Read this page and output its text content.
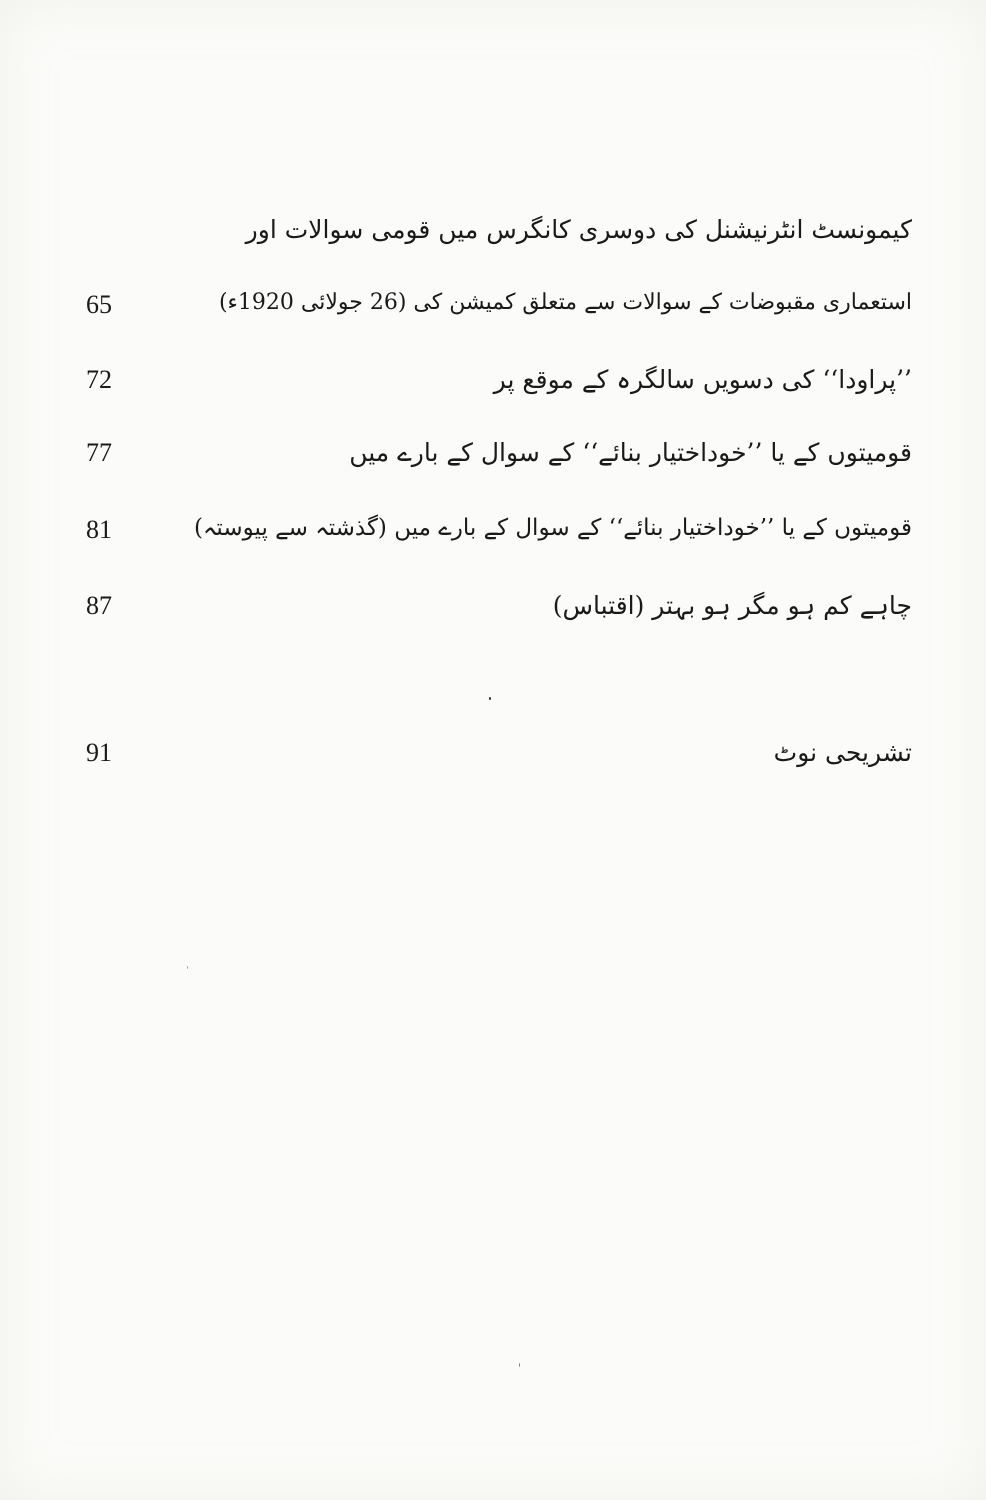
کیمونسٹ انٹرنیشنل کی دوسری کانگرس میں قومی سوالات اور
استعماری مقبوضات کے سوالات سے متعلق کمیشن کی (26 جولائی 1920ء)
65
’’پراودا‘‘ کی دسویں سالگرہ کے موقع پر
72
قومیتوں کے یا ’’خوداختیار بنائے‘‘ کے سوال کے بارے میں
77
قومیتوں کے یا ’’خوداختیار بنائے‘‘ کے سوال کے بارے میں (گذشتہ سے پیوستہ)
81
چاہے کم ہو مگر ہو بہتر (اقتباس)
87
تشریحی نوٹ
91
